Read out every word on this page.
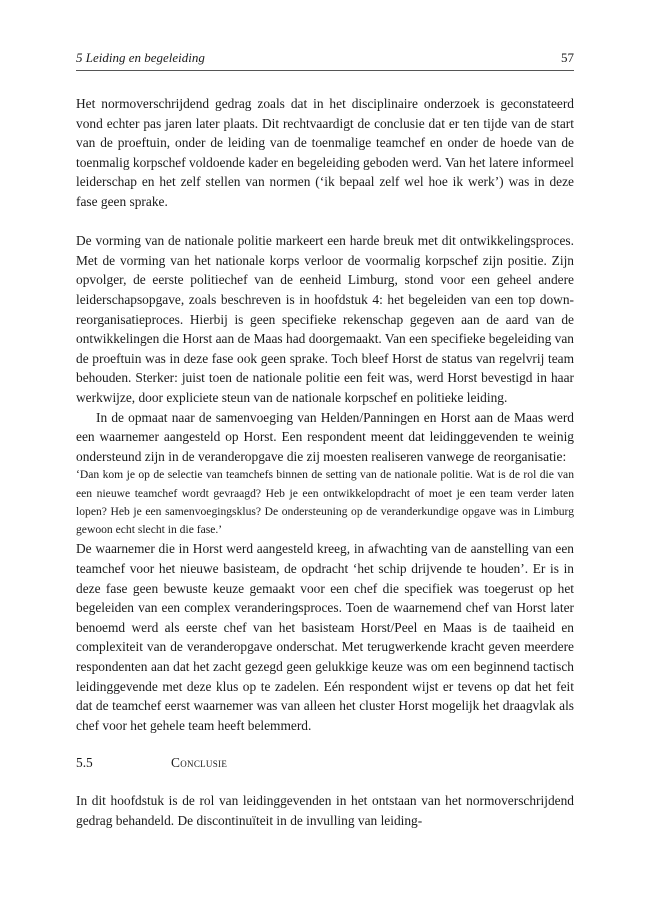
5 Leiding en begeleiding	57

Het normoverschrijdend gedrag zoals dat in het disciplinaire onderzoek is geconstateerd vond echter pas jaren later plaats. Dit rechtvaardigt de conclusie dat er ten tijde van de start van de proeftuin, onder de leiding van de toenmalige teamchef en onder de hoede van de toenmalig korpschef voldoende kader en begeleiding geboden werd. Van het latere informeel leiderschap en het zelf stellen van normen (‘ik bepaal zelf wel hoe ik werk’) was in deze fase geen sprake.

De vorming van de nationale politie markeert een harde breuk met dit ontwikkelingsproces. Met de vorming van het nationale korps verloor de voormalig korpschef zijn positie. Zijn opvolger, de eerste politiechef van de eenheid Limburg, stond voor een geheel andere leiderschapsopgave, zoals beschreven is in hoofdstuk 4: het begeleiden van een top down-reorganisatieproces. Hierbij is geen specifieke rekenschap gegeven aan de aard van de ontwikkelingen die Horst aan de Maas had doorgemaakt. Van een specifieke begeleiding van de proeftuin was in deze fase ook geen sprake. Toch bleef Horst de status van regelvrij team behouden. Sterker: juist toen de nationale politie een feit was, werd Horst bevestigd in haar werkwijze, door expliciete steun van de nationale korpschef en politieke leiding.

In de opmaat naar de samenvoeging van Helden/Panningen en Horst aan de Maas werd een waarnemer aangesteld op Horst. Een respondent meent dat leidinggevenden te weinig ondersteund zijn in de veranderopgave die zij moesten realiseren vanwege de reorganisatie:

‘Dan kom je op de selectie van teamchefs binnen de setting van de nationale politie. Wat is de rol die van een nieuwe teamchef wordt gevraagd? Heb je een ontwikkelopdracht of moet je een team verder laten lopen? Heb je een samenvoegingsklus? De ondersteuning op de veranderkundige opgave was in Limburg gewoon echt slecht in die fase.’

De waarnemer die in Horst werd aangesteld kreeg, in afwachting van de aanstelling van een teamchef voor het nieuwe basisteam, de opdracht ‘het schip drijvende te houden’. Er is in deze fase geen bewuste keuze gemaakt voor een chef die specifiek was toegerust op het begeleiden van een complex veranderingsproces. Toen de waarnemend chef van Horst later benoemd werd als eerste chef van het basisteam Horst/Peel en Maas is de taaiheid en complexiteit van de veranderopgave onderschat. Met terugwerkende kracht geven meerdere respondenten aan dat het zacht gezegd geen gelukkige keuze was om een beginnend tactisch leidinggevende met deze klus op te zadelen. Eén respondent wijst er tevens op dat het feit dat de teamchef eerst waarnemer was van alleen het cluster Horst mogelijk het draagvlak als chef voor het gehele team heeft belemmerd.

5.5	Conclusie

In dit hoofdstuk is de rol van leidinggevenden in het ontstaan van het normoverschrijdend gedrag behandeld. De discontinuïteit in de invulling van leiding-
